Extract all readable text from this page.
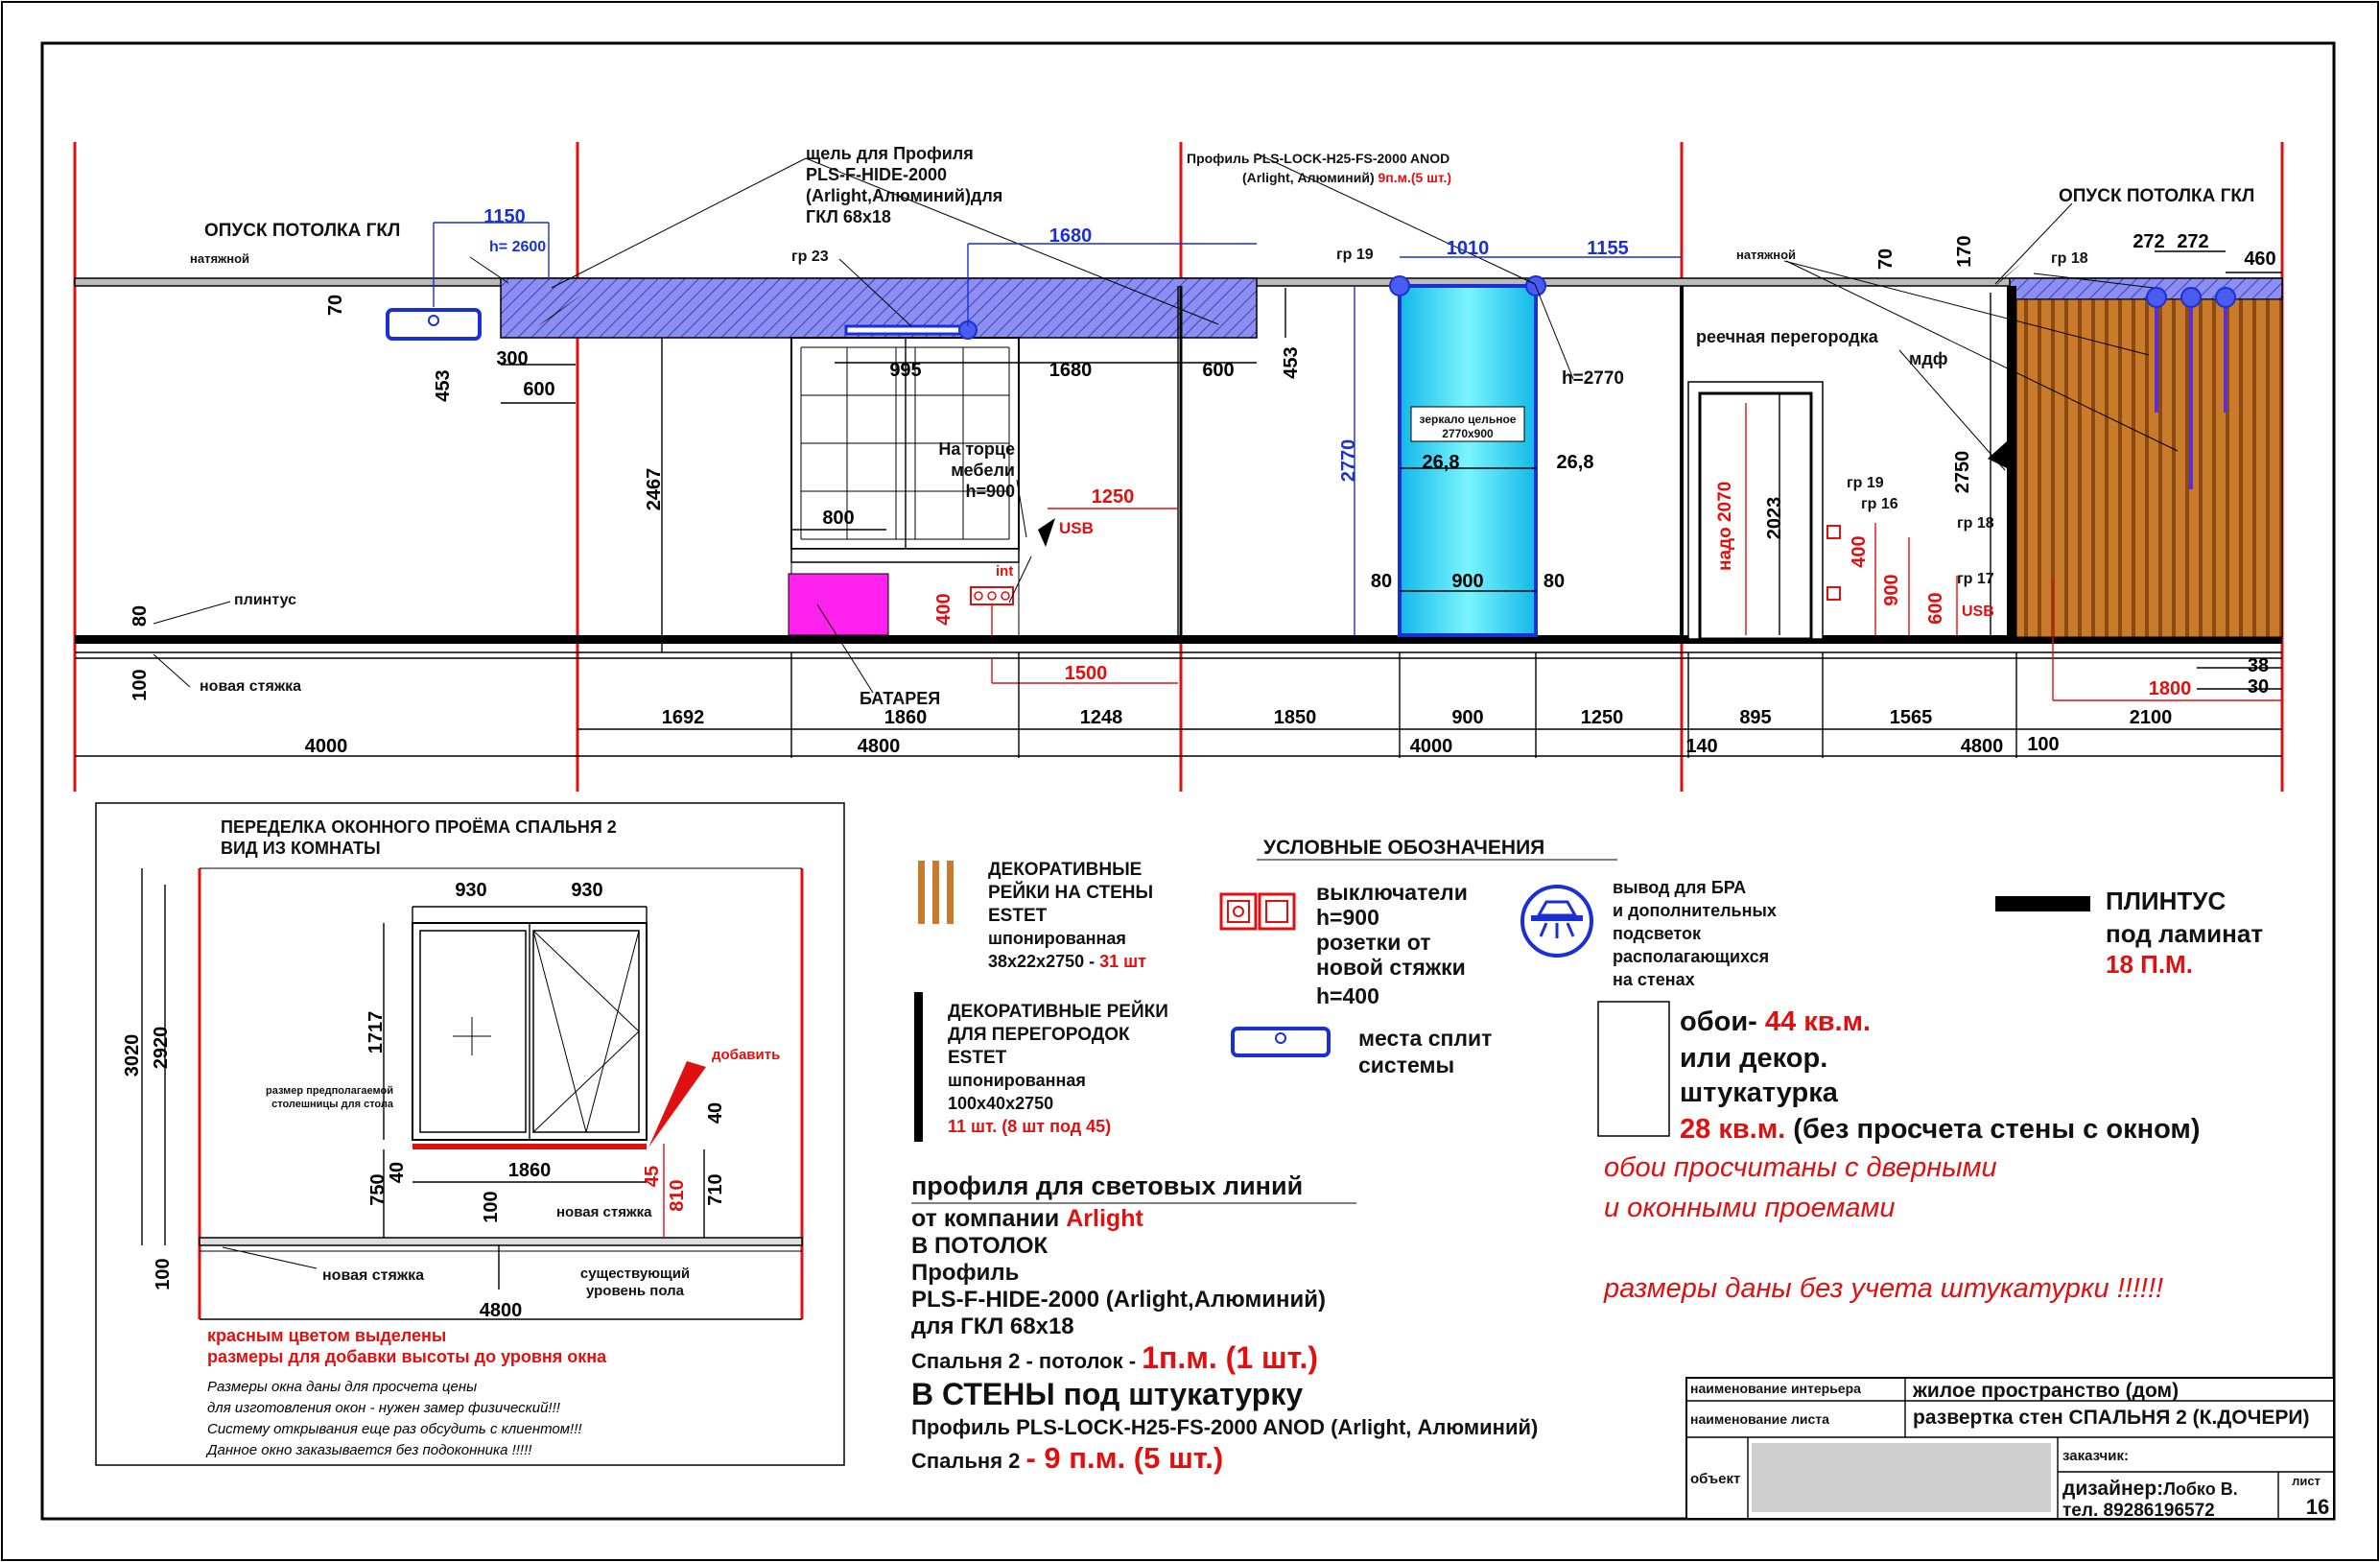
ОПУСК ПОТОЛКА ГКЛ
ОПУСК ПОТОЛКА ГКЛ
натяжной	натяжной
щель для Профиля
PLS-F-HIDE-2000
(Arlight,Алюминий)для
ГКЛ 68х18
Профиль PLS-LOCK-H25-FS-2000 ANOD
(Arlight, Алюминий) 9п.м.(5 шт.)
h= 2600
h=2770
зеркало цельное
2770х900
На торце
мебели
h=900
USB
int
плинтус
новая стяжка
БАТАРЕЯ
реечная перегородка
мдф
надо 2070
гр 23	гр 19
гр 19
гр 16
гр 18
гр 18
гр 17
USB
1150
1680
1010	1155
2770
70
300
453	600
995	1680	600 453
2467
800
26,8	26,8
80	900	80
2023
70	170	272 272
460
2750
80
100
38
30
1692	1860	1248	1850	900	1250	895	1565	2100
4000	4800	4000	140	4800 100
1250
400
1500
400
900
600
1800
ПЕРЕДЕЛКА ОКОННОГО ПРОЁМА СПАЛЬНЯ 2
ВИД ИЗ КОМНАТЫ
930	930
3020 2920	1717
750
40	1860
100
100
4800
40
710
45
810
добавить
размер предполагаемой
столешницы для стола
новая стяжка
новая стяжка	существующий
уровень пола
красным цветом выделены
размеры для добавки высоты до уровня окна
Размеры окна даны для просчета цены
для изготовления окон - нужен замер физический!!!
Систему открывания еще раз обсудить с клиентом!!!
Данное окно заказывается без подоконника !!!!!
УСЛОВНЫЕ ОБОЗНАЧЕНИЯ
ДЕКОРАТИВНЫЕ
РЕЙКИ НА СТЕНЫ
ESTET
шпонированная
38х22х2750 - 31 шт
ДЕКОРАТИВНЫЕ РЕЙКИ
ДЛЯ ПЕРЕГОРОДОК
ESTET
шпонированная
100х40х2750
11 шт. (8 шт под 45)
выключатели
h=900
розетки от
новой стяжки
h=400
вывод для БРА
и дополнительных
подсветок
располагающихся
на стенах
места сплит
системы
ПЛИНТУС
под ламинат
18 П.М.
обои- 44 кв.м.
или декор.
штукатурка
28 кв.м. (без просчета стены с окном)
обои просчитаны с дверными
и оконными проемами
размеры даны без учета штукатурки !!!!!!
профиля для световых линий
от компании Arlight
В ПОТОЛОК
Профиль
PLS-F-HIDE-2000 (Arlight,Алюминий)
для ГКЛ 68х18
Спальня 2 - потолок - 1п.м. (1 шт.)
В СТЕНЫ под штукатурку
Профиль PLS-LOCK-H25-FS-2000 ANOD (Arlight, Алюминий)
Спальня 2 - 9 п.м. (5 шт.)
наименование интерьера	жилое пространство (дом)
наименование листа	развертка стен СПАЛЬНЯ 2 (К.ДОЧЕРИ)
объект
заказчик:
дизайнер:Лобко В.
тел. 89286196572
лист
16
